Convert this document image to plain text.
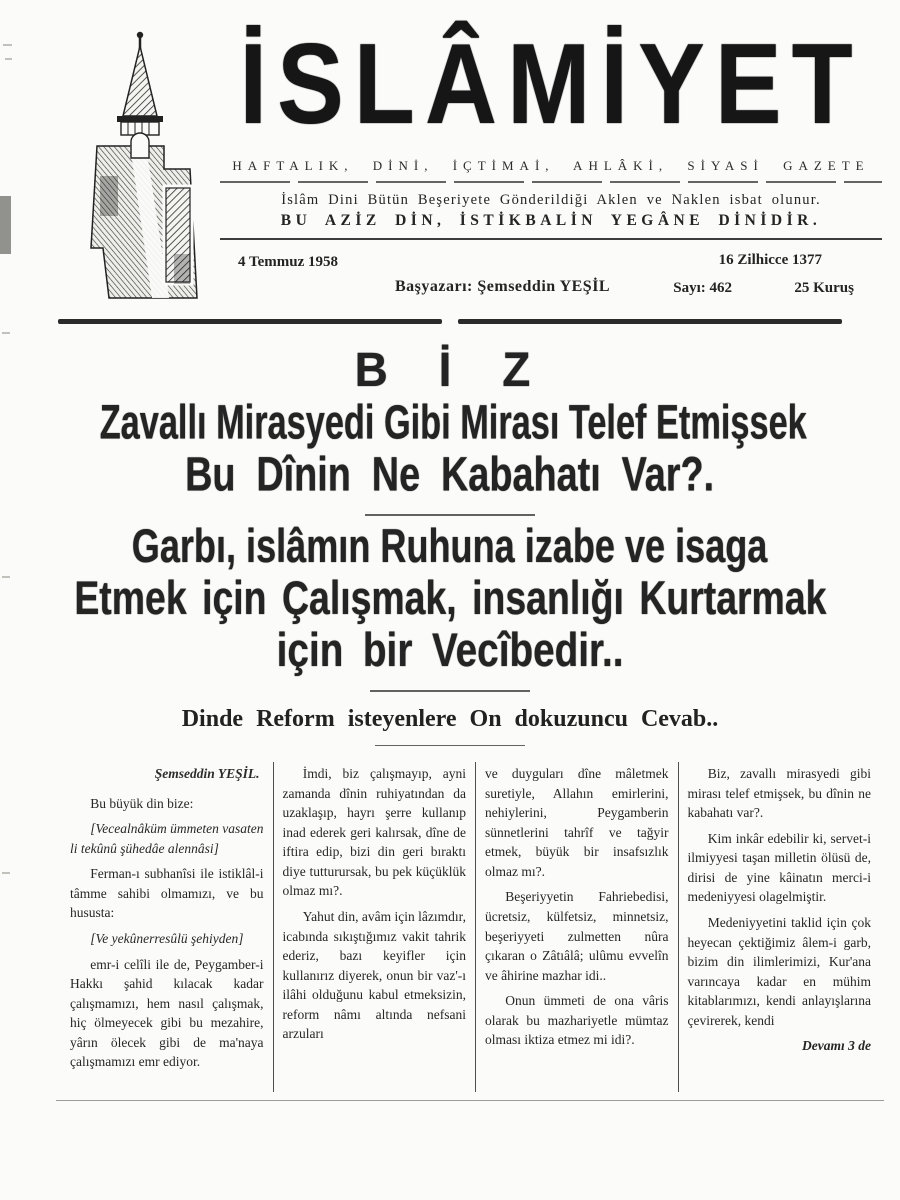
İSLÂMİYET
HAFTALIK, DİNİ, İÇTİMAİ, AHLÂKİ, SİYASİ GAZETE
İslâm Dini Bütün Beşeriyete Gönderildiği Aklen ve Naklen isbat olunur.
BU AZİZ DİN, İSTİKBALİN YEGÂNE DİNİDİR.
4 Temmuz 1958	16 Zilhicce 1377
Başyazarı: Şemseddin YEŞİL	Sayı: 462	25 Kuruş
B İ Z
Zavallı Mirasyedi Gibi Mirası Telef Etmişsek
Bu Dînin Ne Kabahatı Var?.
Garbı, islâmın Ruhuna izabe ve isaga
Etmek için Çalışmak, insanlığı Kurtarmak
için bir Vecîbedir..
Dinde Reform isteyenlere On dokuzuncu Cevab..
Şemseddin YEŞİL.

Bu büyük din bize:

[Vecealnâküm ümmeten vasaten li tekûnû şühedâe alennâsi]

Ferman-ı subhanîsi ile istiklâl-i tâmme sahibi olmamızı, ve bu hususta:

[Ve yekûnerresûlü şehiyden]

emr-i celîli ile de, Peygamber-i Hakkı şahid kılacak kadar çalışmamızı, hem nasıl çalışmak, hiç ölmeyecek gibi bu mezahire, yârın ölecek gibi de ma'naya çalışmamızı emr ediyor.

İmdi, biz çalışmayıp, ayni zamanda dînin ruhiyatından da uzaklaşıp, hayrı şerre kullanıp inad ederek geri kalırsak, dîne de iftira edip, bizi din geri bıraktı diye tutturursak, bu pek küçüklük olmaz mı?.

Yahut din, avâm için lâzımdır, icabında sıkıştığımız vakit tahrik ederiz, bazı keyifler için kullanırız diyerek, onun bir vaz'-ı ilâhi olduğunu kabul etmeksizin, reform nâmı altında nefsani arzuları

ve duyguları dîne mâletmek suretiyle, Allahın emirlerini, nehiylerini, Peygamberin sünnetlerini tahrîf ve tağyir etmek, büyük bir insafsızlık olmaz mı?.

Beşeriyyetin Fahriebedisi, ücretsiz, külfetsiz, minnetsiz, beşeriyyeti zulmetten nûra çıkaran o Zâtıâlâ; ulûmu evvelîn ve âhirine mazhar idi..

Onun ümmeti de ona vâris olarak bu mazhariyetle mümtaz olması iktiza etmez mi idi?.

Biz, zavallı mirasyedi gibi mirası telef etmişsek, bu dînin ne kabahatı var?.

Kim inkâr edebilir ki, servet-i ilmiyyesi taşan milletin ölüsü de, dirisi de yine kâinatın merci-i medeniyyesi olagelmiştir.

Medeniyyetini taklid için çok heyecan çektiğimiz âlem-i garb, bizim din ilimlerimizi, Kur'ana varıncaya kadar en mühim kitablarımızı, kendi anlayışlarına çevirerek, kendi

Devamı 3 de
